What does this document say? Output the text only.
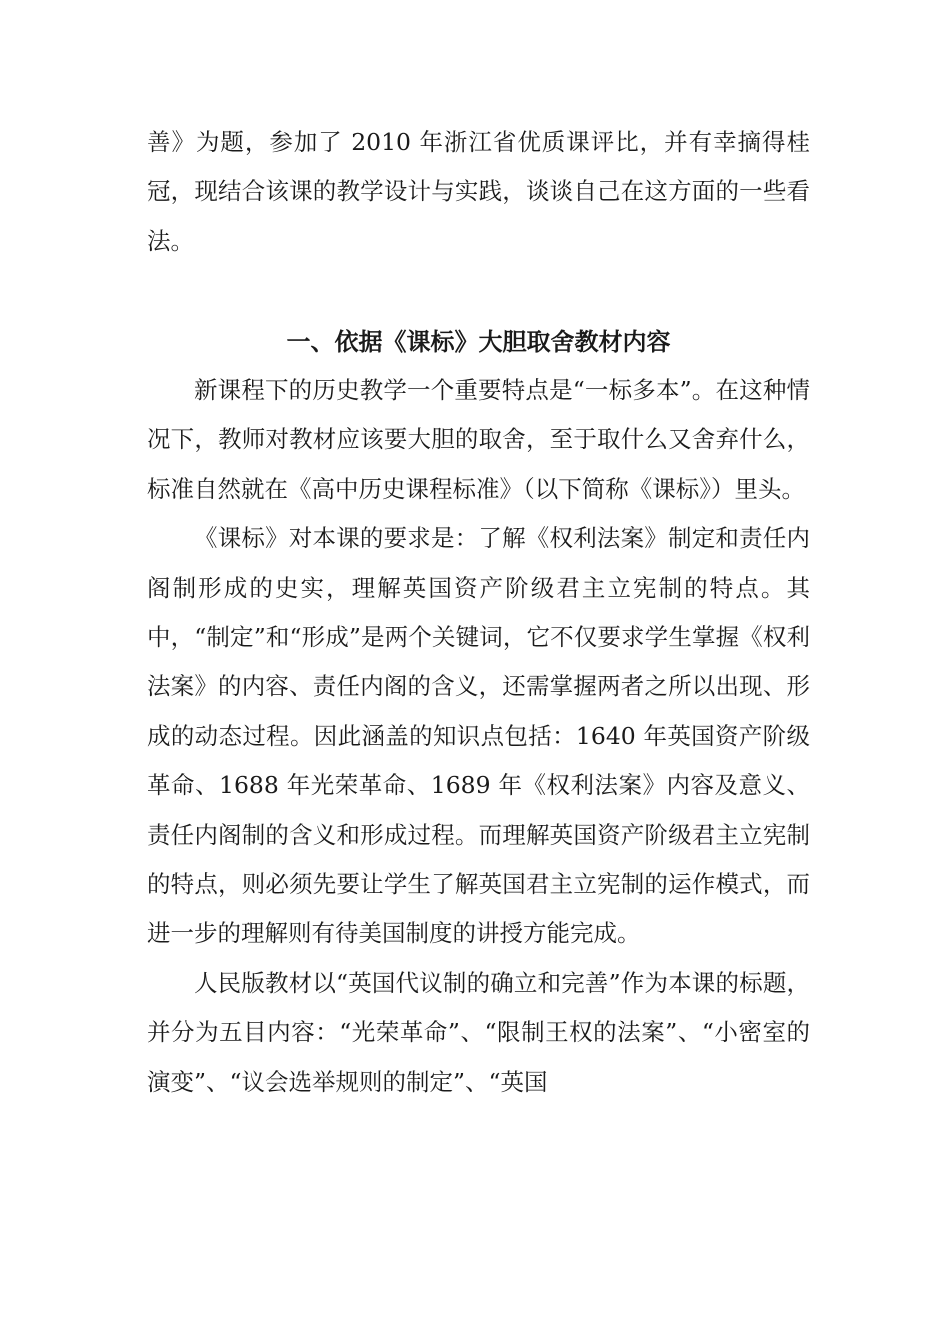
善》为题，参加了 2010 年浙江省优质课评比，并有幸摘得桂冠，现结合该课的教学设计与实践，谈谈自己在这方面的一些看法。

一、依据《课标》大胆取舍教材内容

新课程下的历史教学一个重要特点是“一标多本”。在这种情况下，教师对教材应该要大胆的取舍，至于取什么又舍弃什么，标准自然就在《高中历史课程标准》（以下简称《课标》）里头。

《课标》对本课的要求是：了解《权利法案》制定和责任内阁制形成的史实，理解英国资产阶级君主立宪制的特点。其中，“制定”和“形成”是两个关键词，它不仅要求学生掌握《权利法案》的内容、责任内阁的含义，还需掌握两者之所以出现、形成的动态过程。因此涵盖的知识点包括：1640 年英国资产阶级革命、1688 年光荣革命、1689 年《权利法案》内容及意义、责任内阁制的含义和形成过程。而理解英国资产阶级君主立宪制的特点，则必须先要让学生了解英国君主立宪制的运作模式，而进一步的理解则有待美国制度的讲授方能完成。

人民版教材以“英国代议制的确立和完善”作为本课的标题，并分为五目内容：“光荣革命”、“限制王权的法案”、“小密室的演变”、“议会选举规则的制定”、“英国
